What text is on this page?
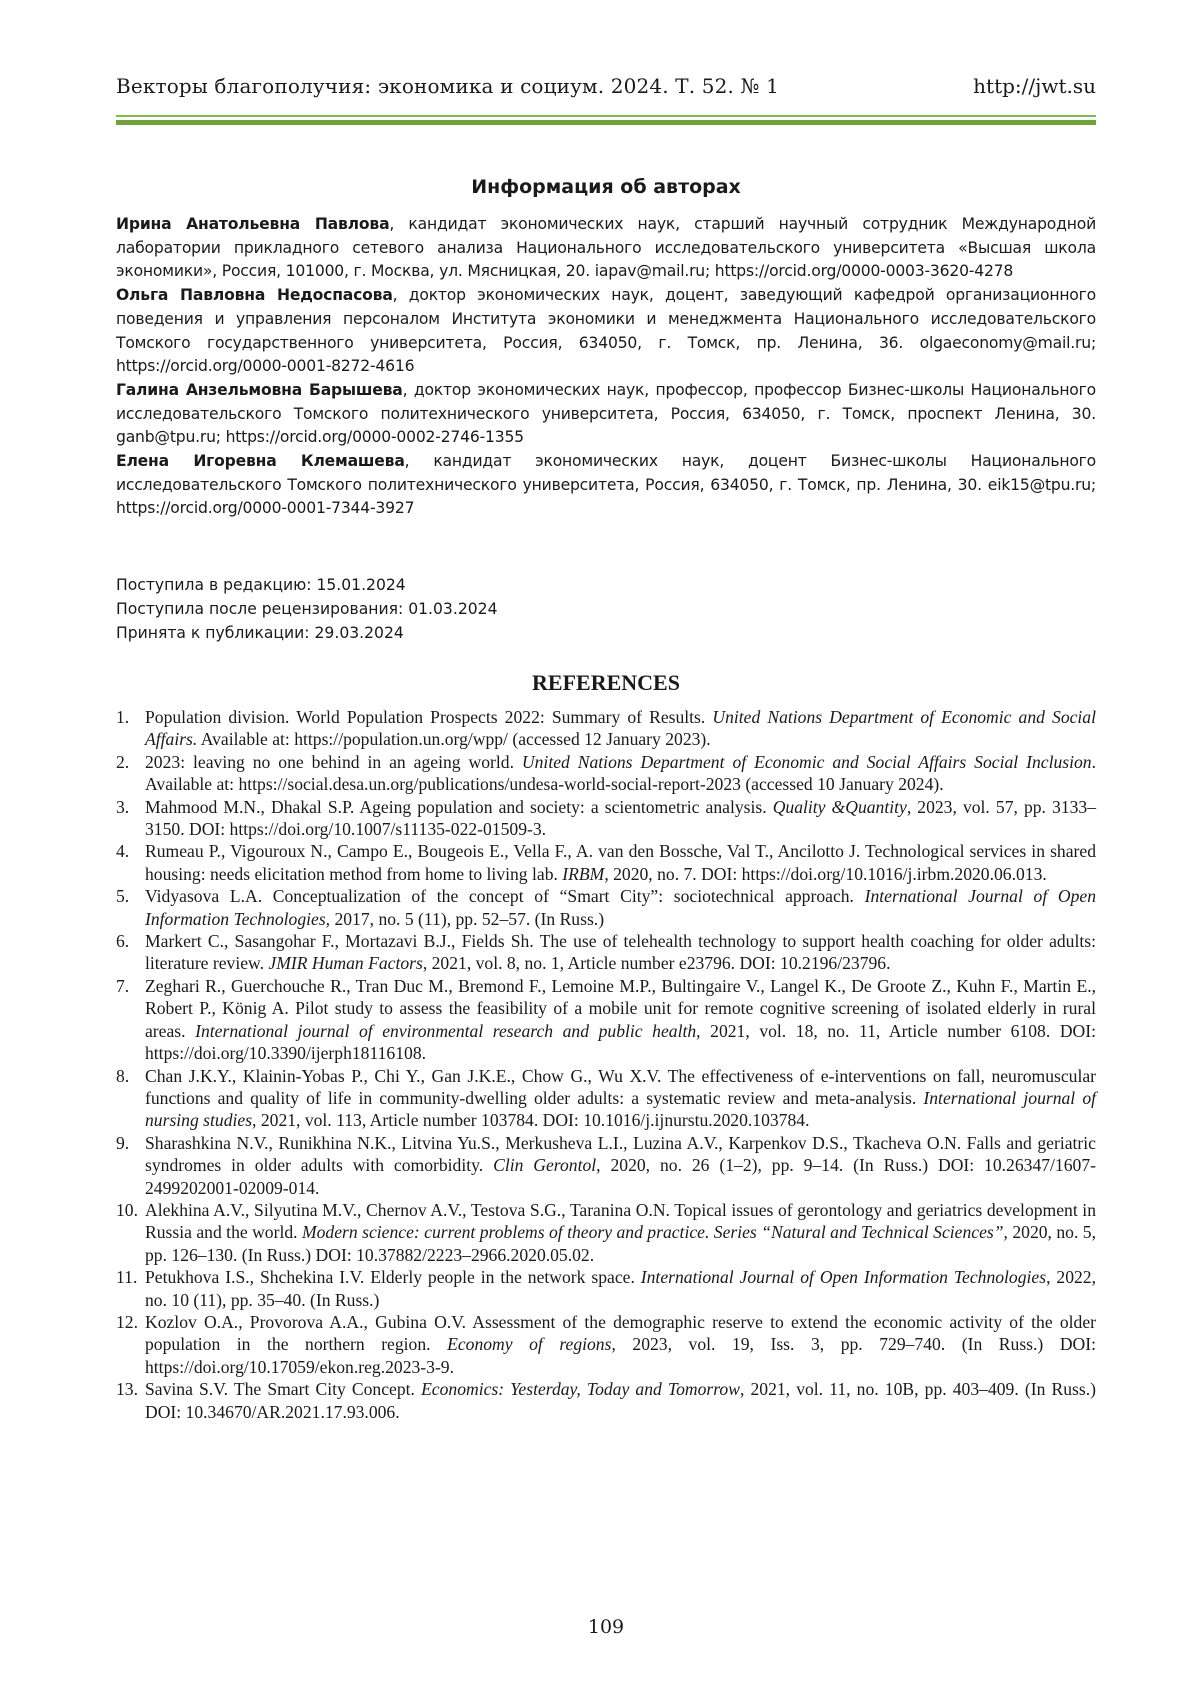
Векторы благополучия: экономика и социум. 2024. Т. 52. № 1	http://jwt.su
Информация об авторах

Ирина Анатольевна Павлова, кандидат экономических наук, старший научный сотрудник Международной лаборатории прикладного сетевого анализа Национального исследовательского университета «Высшая школа экономики», Россия, 101000, г. Москва, ул. Мясницкая, 20. iapav@mail.ru; https://orcid.org/0000-0003-3620-4278

Ольга Павловна Недоспасова, доктор экономических наук, доцент, заведующий кафедрой организационного поведения и управления персоналом Института экономики и менеджмента Национального исследовательского Томского государственного университета, Россия, 634050, г. Томск, пр. Ленина, 36. olgaeconomy@mail.ru; https://orcid.org/0000-0001-8272-4616

Галина Анзельмовна Барышева, доктор экономических наук, профессор, профессор Бизнес-школы Национального исследовательского Томского политехнического университета, Россия, 634050, г. Томск, проспект Ленина, 30. ganb@tpu.ru; https://orcid.org/0000-0002-2746-1355

Елена Игоревна Клемашева, кандидат экономических наук, доцент Бизнес-школы Национального исследовательского Томского политехнического университета, Россия, 634050, г. Томск, пр. Ленина, 30. eik15@tpu.ru; https://orcid.org/0000-0001-7344-3927

Поступила в редакцию: 15.01.2024
Поступила после рецензирования: 01.03.2024
Принята к публикации: 29.03.2024
REFERENCES
1. Population division. World Population Prospects 2022: Summary of Results. United Nations Department of Economic and Social Affairs. Available at: https://population.un.org/wpp/ (accessed 12 January 2023).
2. 2023: leaving no one behind in an ageing world. United Nations Department of Economic and Social Affairs Social Inclusion. Available at: https://social.desa.un.org/publications/undesa-world-social-report-2023 (accessed 10 January 2024).
3. Mahmood M.N., Dhakal S.P. Ageing population and society: a scientometric analysis. Quality &Quantity, 2023, vol. 57, pp. 3133–3150. DOI: https://doi.org/10.1007/s11135-022-01509-3.
4. Rumeau P., Vigouroux N., Campo E., Bougeois E., Vella F., A. van den Bossche, Val T., Ancilotto J. Technological services in shared housing: needs elicitation method from home to living lab. IRBM, 2020, no. 7. DOI: https://doi.org/10.1016/j.irbm.2020.06.013.
5. Vidyasova L.A. Conceptualization of the concept of “Smart City”: sociotechnical approach. International Journal of Open Information Technologies, 2017, no. 5 (11), pp. 52–57. (In Russ.)
6. Markert C., Sasangohar F., Mortazavi B.J., Fields Sh. The use of telehealth technology to support health coaching for older adults: literature review. JMIR Human Factors, 2021, vol. 8, no. 1, Article number e23796. DOI: 10.2196/23796.
7. Zeghari R., Guerchouche R., Tran Duc M., Bremond F., Lemoine M.P., Bultingaire V., Langel K., De Groote Z., Kuhn F., Martin E., Robert P., König A. Pilot study to assess the feasibility of a mobile unit for remote cognitive screening of isolated elderly in rural areas. International journal of environmental research and public health, 2021, vol. 18, no. 11, Article number 6108. DOI: https://doi.org/10.3390/ijerph18116108.
8. Chan J.K.Y., Klainin-Yobas P., Chi Y., Gan J.K.E., Chow G., Wu X.V. The effectiveness of e-interventions on fall, neuromuscular functions and quality of life in community-dwelling older adults: a systematic review and meta-analysis. International journal of nursing studies, 2021, vol. 113, Article number 103784. DOI: 10.1016/j.ijnurstu.2020.103784.
9. Sharashkina N.V., Runikhina N.K., Litvina Yu.S., Merkusheva L.I., Luzina A.V., Karpenkov D.S., Tkacheva O.N. Falls and geriatric syndromes in older adults with comorbidity. Clin Gerontol, 2020, no. 26 (1–2), pp. 9–14. (In Russ.) DOI: 10.26347/1607-2499202001-02009-014.
10. Alekhina A.V., Silyutina M.V., Chernov A.V., Testova S.G., Taranina O.N. Topical issues of gerontology and geriatrics development in Russia and the world. Modern science: current problems of theory and practice. Series “Natural and Technical Sciences”, 2020, no. 5, pp. 126–130. (In Russ.) DOI: 10.37882/2223–2966.2020.05.02.
11. Petukhova I.S., Shchekina I.V. Elderly people in the network space. International Journal of Open Information Technologies, 2022, no. 10 (11), pp. 35–40. (In Russ.)
12. Kozlov O.A., Provorova A.A., Gubina O.V. Assessment of the demographic reserve to extend the economic activity of the older population in the northern region. Economy of regions, 2023, vol. 19, Iss. 3, pp. 729–740. (In Russ.) DOI: https://doi.org/10.17059/ekon.reg.2023-3-9.
13. Savina S.V. The Smart City Concept. Economics: Yesterday, Today and Tomorrow, 2021, vol. 11, no. 10B, pp. 403–409. (In Russ.) DOI: 10.34670/AR.2021.17.93.006.
109
